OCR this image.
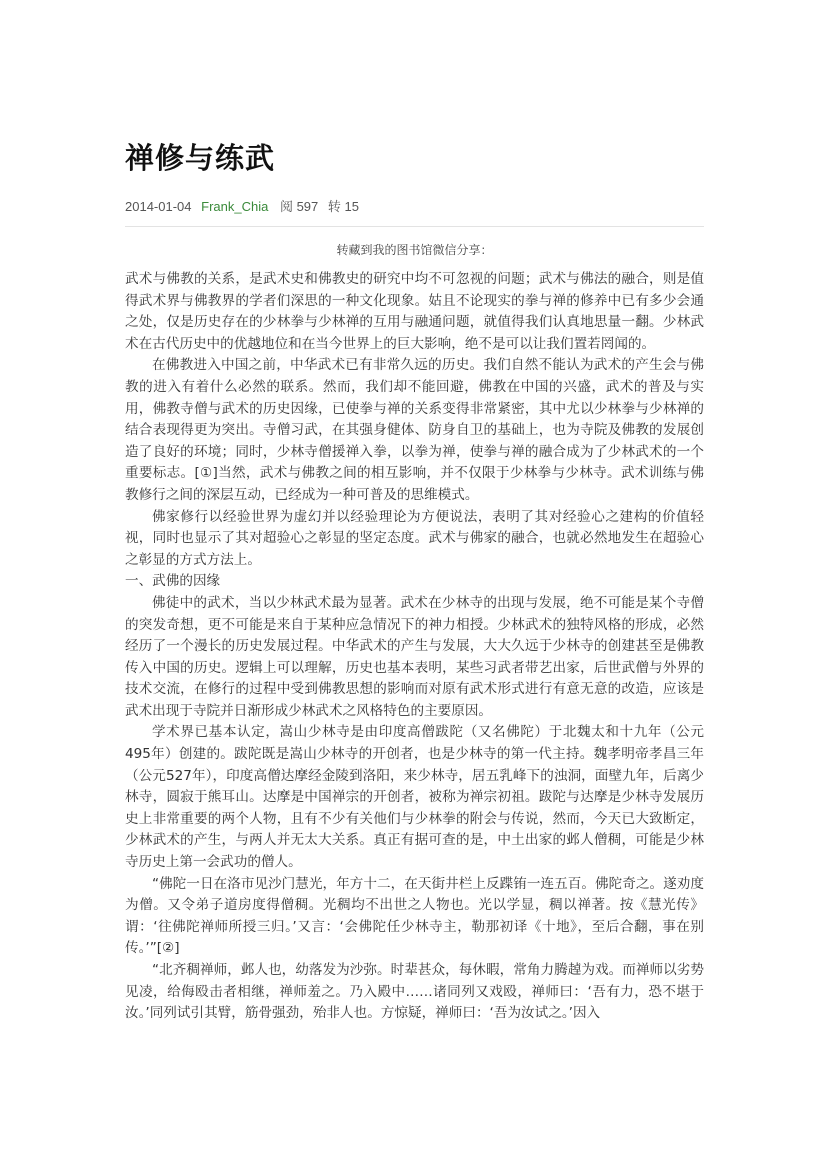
禅修与练武
2014-01-04 Frank_Chia 阅 597 转 15
转藏到我的图书馆微信分享：

武术与佛教的关系，是武术史和佛教史的研究中均不可忽视的问题；武术与佛法的融合，则是值得武术界与佛教界的学者们深思的一种文化现象。姑且不论现实的拳与禅的修养中已有多少会通之处，仅是历史存在的少林拳与少林禅的互用与融通问题，就值得我们认真地思量一翻。少林武术在古代历史中的优越地位和在当今世界上的巨大影响，绝不是可以让我们置若罔闻的。

在佛教进入中国之前，中华武术已有非常久远的历史。我们自然不能认为武术的产生会与佛教的进入有着什么必然的联系。然而，我们却不能回避，佛教在中国的兴盛，武术的普及与实用，佛教寺僧与武术的历史因缘，已使拳与禅的关系变得非常紧密，其中尤以少林拳与少林禅的结合表现得更为突出。寺僧习武，在其强身健体、防身自卫的基础上，也为寺院及佛教的发展创造了良好的环境；同时，少林寺僧援禅入拳，以拳为禅，使拳与禅的融合成为了少林武术的一个重要标志。[①]当然，武术与佛教之间的相互影响，并不仅限于少林拳与少林寺。武术训练与佛教修行之间的深层互动，已经成为一种可普及的思维模式。

佛家修行以经验世界为虚幻并以经验理论为方便说法，表明了其对经验心之建构的价值轻视，同时也显示了其对超验心之彰显的坚定态度。武术与佛家的融合，也就必然地发生在超验心之彰显的方式方法上。

一、武佛的因缘

佛徒中的武术，当以少林武术最为显著。武术在少林寺的出现与发展，绝不可能是某个寺僧的突发奇想，更不可能是来自于某种应急情况下的神力相授。少林武术的独特风格的形成，必然经历了一个漫长的历史发展过程。中华武术的产生与发展，大大久远于少林寺的创建甚至是佛教传入中国的历史。逻辑上可以理解，历史也基本表明，某些习武者带艺出家，后世武僧与外界的技术交流，在修行的过程中受到佛教思想的影响而对原有武术形式进行有意无意的改造，应该是武术出现于寺院并日渐形成少林武术之风格特色的主要原因。

学术界已基本认定，嵩山少林寺是由印度高僧跋陀（又名佛陀）于北魏太和十九年（公元495年）创建的。跋陀既是嵩山少林寺的开创者，也是少林寺的第一代主持。魏孝明帝孝昌三年（公元527年），印度高僧达摩经金陵到洛阳，来少林寺，居五乳峰下的浊洞，面壁九年，后离少林寺，圆寂于熊耳山。达摩是中国禅宗的开创者，被称为禅宗初祖。跋陀与达摩是少林寺发展历史上非常重要的两个人物，且有不少有关他们与少林拳的附会与传说，然而，今天已大致断定，少林武术的产生，与两人并无太大关系。真正有据可查的是，中土出家的邺人僧稠，可能是少林寺历史上第一会武功的僧人。

“佛陀一日在洛市见沙门慧光，年方十二，在天街井栏上反蹀铕一连五百。佛陀奇之。遂劝度为僧。又令弟子道房度得僧稠。光稠均不出世之人物也。光以学显，稠以禅著。按《慧光传》谓：‘往佛陀禅师所授三归。’又言：‘会佛陀任少林寺主，勒那初译《十地》，至后合翻，事在别传。’”[②]

“北齐稠禅师，邺人也，幼落发为沙弥。时辈甚众，每休暇，常角力腾趠为戏。而禅师以劣势见凌，给侮殴击者相继，禅师羞之。乃入殿中……诸同列又戏殴，禅师曰：‘吾有力，恐不堪于汝。’同列试引其臂，筋骨强劲，殆非人也。方惊疑，禅师曰：‘吾为汝试之。’因入
